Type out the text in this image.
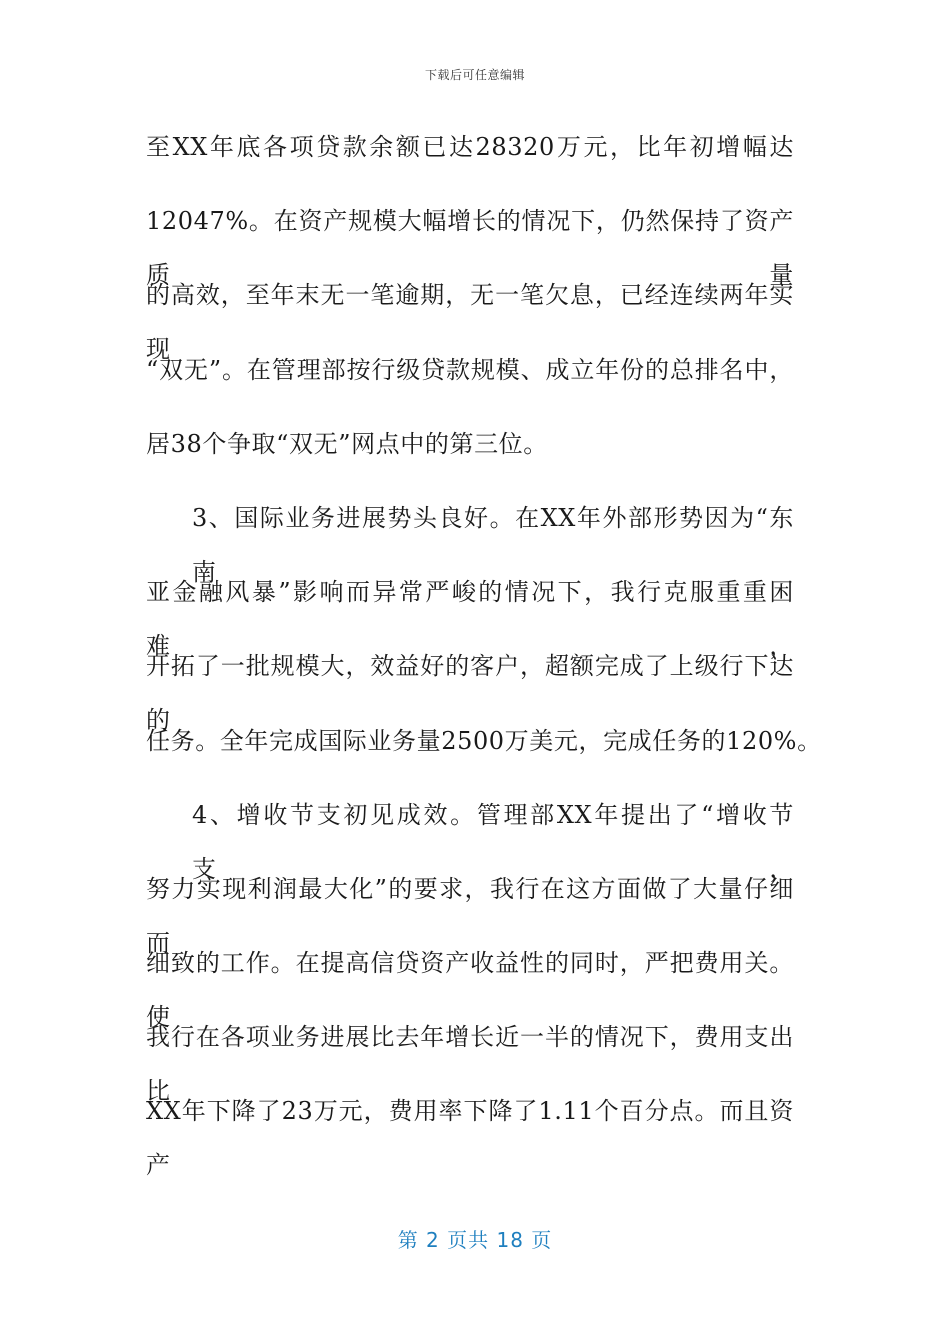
下载后可任意编辑
至XX年底各项贷款余额已达28320万元，比年初增幅达
12047%。在资产规模大幅增长的情况下，仍然保持了资产质量
的高效，至年末无一笔逾期，无一笔欠息，已经连续两年实现
“双无”。在管理部按行级贷款规模、成立年份的总排名中，
居38个争取“双无”网点中的第三位。
3、国际业务进展势头良好。在XX年外部形势因为“东南
亚金融风暴”影响而异常严峻的情况下，我行克服重重困难，
开拓了一批规模大，效益好的客户，超额完成了上级行下达的
任务。全年完成国际业务量2500万美元，完成任务的120%。
4、增收节支初见成效。管理部XX年提出了“增收节支，
努力实现利润最大化”的要求，我行在这方面做了大量仔细而
细致的工作。在提高信贷资产收益性的同时，严把费用关。使
我行在各项业务进展比去年增长近一半的情况下，费用支出比
XX年下降了23万元，费用率下降了1.11个百分点。而且资产
第 2 页共 18 页
